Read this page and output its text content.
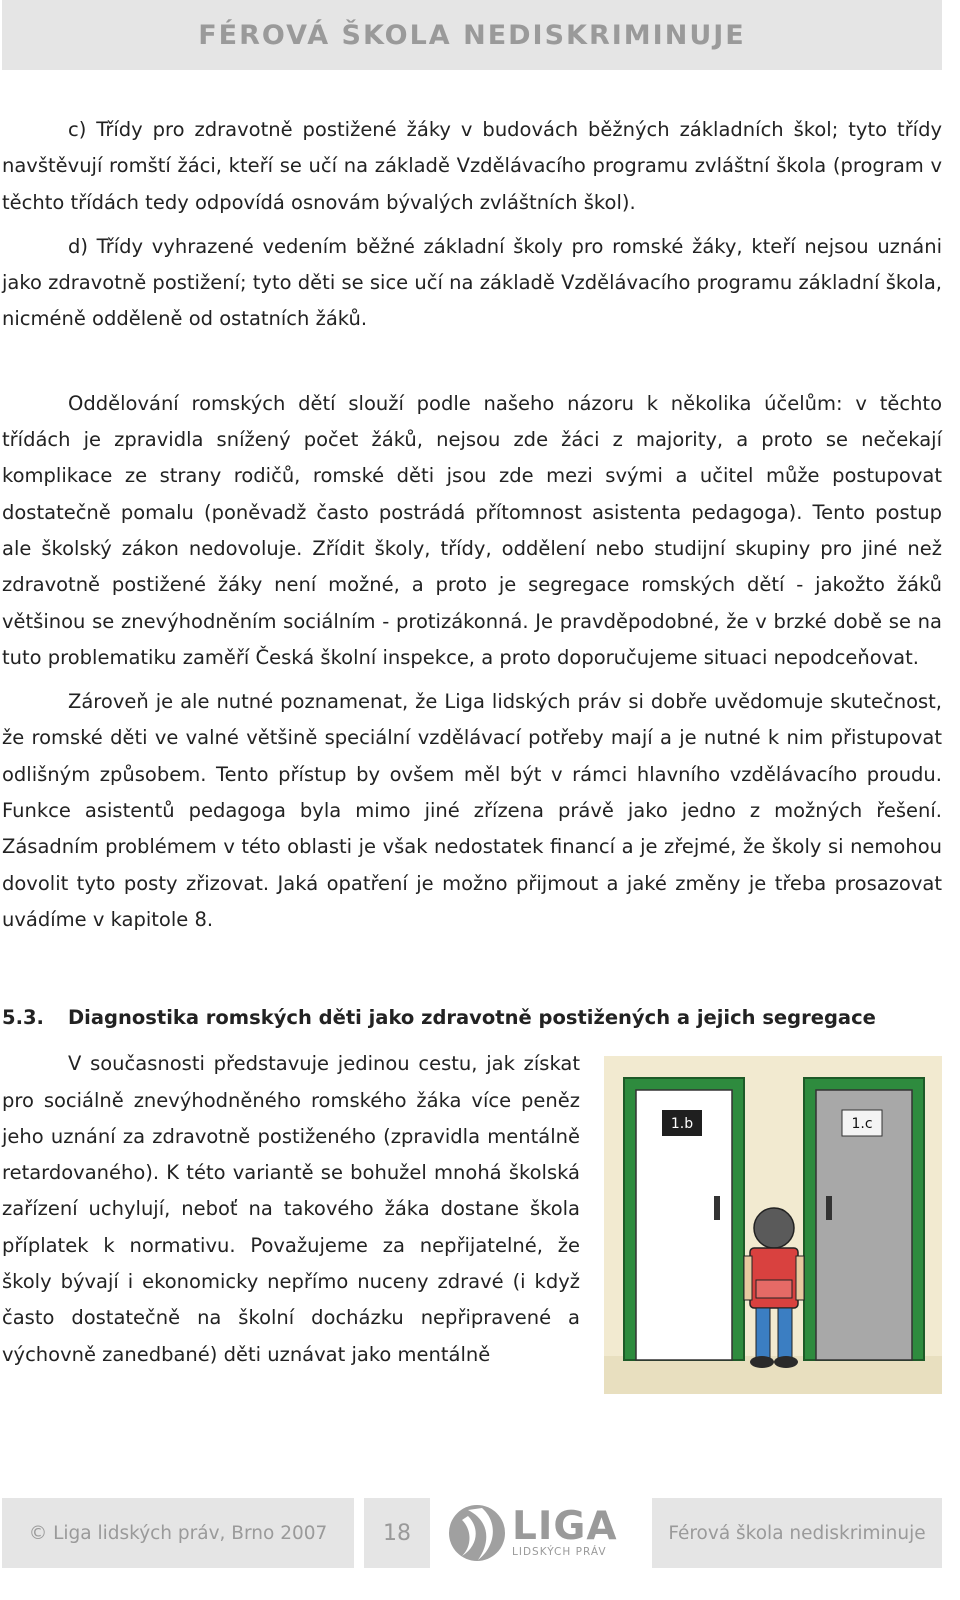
FÉROVÁ ŠKOLA NEDISKRIMINUJE

c) Třídy pro zdravotně postižené žáky v budovách běžných základních škol; tyto třídy navštěvují romští žáci, kteří se učí na základě Vzdělávacího programu zvláštní škola (program v těchto třídách tedy odpovídá osnovám bývalých zvláštních škol).

d) Třídy vyhrazené vedením běžné základní školy pro romské žáky, kteří nejsou uznáni jako zdravotně postižení; tyto děti se sice učí na základě Vzdělávacího programu základní škola, nicméně odděleně od ostatních žáků.

Oddělování romských dětí slouží podle našeho názoru k několika účelům: v těchto třídách je zpravidla snížený počet žáků, nejsou zde žáci z majority, a proto se nečekají komplikace ze strany rodičů, romské děti jsou zde mezi svými a učitel může postupovat dostatečně pomalu (poněvadž často postrádá přítomnost asistenta pedagoga). Tento postup ale školský zákon nedovoluje. Zřídit školy, třídy, oddělení nebo studijní skupiny pro jiné než zdravotně postižené žáky není možné, a proto je segregace romských dětí - jakožto žáků většinou se znevýhodněním sociálním - protizákonná. Je pravděpodobné, že v brzké době se na tuto problematiku zaměří Česká školní inspekce, a proto doporučujeme situaci nepodceňovat.

Zároveň je ale nutné poznamenat, že Liga lidských práv si dobře uvědomuje skutečnost, že romské děti ve valné většině speciální vzdělávací potřeby mají a je nutné k nim přistupovat odlišným způsobem. Tento přístup by ovšem měl být v rámci hlavního vzdělávacího proudu. Funkce asistentů pedagoga byla mimo jiné zřízena právě jako jedno z možných řešení. Zásadním problémem v této oblasti je však nedostatek financí a je zřejmé, že školy si nemohou dovolit tyto posty zřizovat. Jaká opatření je možno přijmout a jaké změny je třeba prosazovat uvádíme v kapitole 8.

5.3.	Diagnostika romských děti jako zdravotně postižených a jejich segregace
1.b	1.c

V současnosti představuje jedinou cestu, jak získat pro sociálně znevýhodněného romského žáka více peněz jeho uznání za zdravotně postiženého (zpravidla mentálně retardovaného). K této variantě se bohužel mnohá školská zařízení uchylují, neboť na takového žáka dostane škola příplatek k normativu. Považujeme za nepřijatelné, že školy bývají i ekonomicky nepřímo nuceny zdravé (i když často dostatečně na školní docházku nepřipravené a výchovně zanedbané) děti uznávat jako mentálně

© Liga lidských práv, Brno 2007	18	LIGA
LIDSKÝCH PRÁV
Férová škola nediskriminuje
